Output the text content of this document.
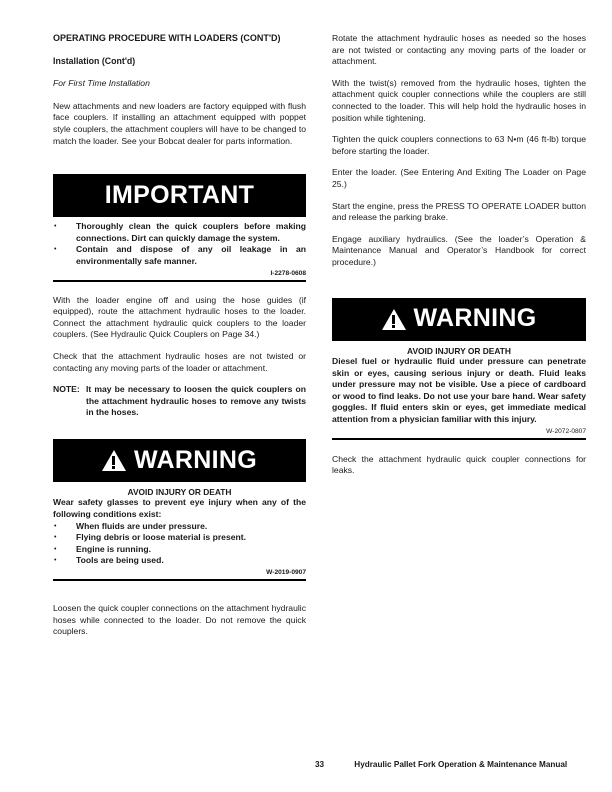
OPERATING PROCEDURE WITH LOADERS (CONT'D)

Installation (Cont'd)

For First Time Installation

New attachments and new loaders are factory equipped with flush face couplers. If installing an attachment equipped with poppet style couplers, the attachment couplers will have to be changed to match the loader. See your Bobcat dealer for parts information.

IMPORTANT
• Thoroughly clean the quick couplers before making connections. Dirt can quickly damage the system.
• Contain and dispose of any oil leakage in an environmentally safe manner.
I-2278-0608

With the loader engine off and using the hose guides (if equipped), route the attachment hydraulic hoses to the loader. Connect the attachment hydraulic quick couplers to the loader couplers. (See Hydraulic Quick Couplers on Page 34.)

Check that the attachment hydraulic hoses are not twisted or contacting any moving parts of the loader or attachment.

NOTE: It may be necessary to loosen the quick couplers on the attachment hydraulic hoses to remove any twists in the hoses.
WARNING
AVOID INJURY OR DEATH
Wear safety glasses to prevent eye injury when any of the following conditions exist:
• When fluids are under pressure.
• Flying debris or loose material is present.
• Engine is running.
• Tools are being used.
W-2019-0907

Loosen the quick coupler connections on the attachment hydraulic hoses while connected to the loader. Do not remove the quick couplers.

Rotate the attachment hydraulic hoses as needed so the hoses are not twisted or contacting any moving parts of the loader or attachment.

With the twist(s) removed from the hydraulic hoses, tighten the attachment quick coupler connections while the couplers are still connected to the loader. This will help hold the hydraulic hoses in position while tightening.

Tighten the quick couplers connections to 63 N•m (46 ft-lb) torque before starting the loader.

Enter the loader. (See Entering And Exiting The Loader on Page 25.)

Start the engine, press the PRESS TO OPERATE LOADER button and release the parking brake.

Engage auxiliary hydraulics. (See the loader’s Operation & Maintenance Manual and Operator’s Handbook for correct procedure.)

WARNING
AVOID INJURY OR DEATH
Diesel fuel or hydraulic fluid under pressure can penetrate skin or eyes, causing serious injury or death. Fluid leaks under pressure may not be visible. Use a piece of cardboard or wood to find leaks. Do not use your bare hand. Wear safety goggles. If fluid enters skin or eyes, get immediate medical attention from a physician familiar with this injury.
W-2072-0807

Check the attachment hydraulic quick coupler connections for leaks.

33	Hydraulic Pallet Fork Operation & Maintenance Manual
